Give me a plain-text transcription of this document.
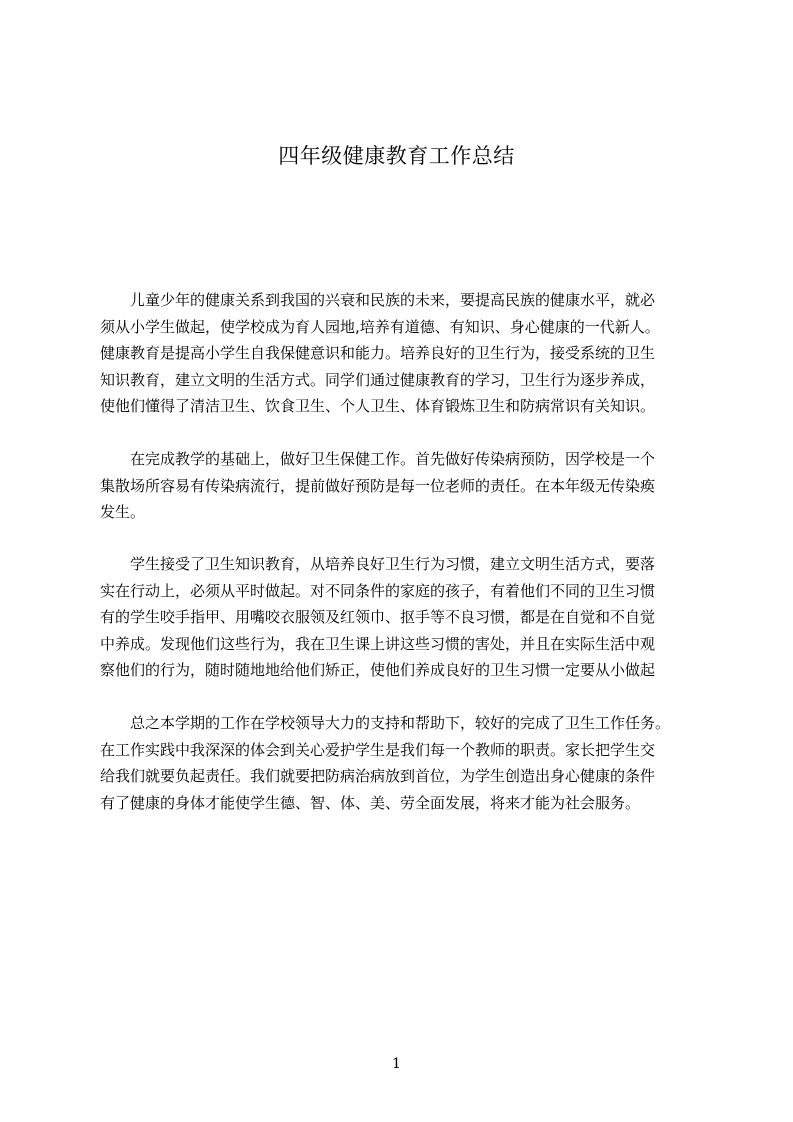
四年级健康教育工作总结
　　儿童少年的健康关系到我国的兴衰和民族的未来，要提高民族的健康水平，就必
须从小学生做起，使学校成为育人园地,培养有道德、有知识、身心健康的一代新人。
健康教育是提高小学生自我保健意识和能力。培养良好的卫生行为，接受系统的卫生
知识教育，建立文明的生活方式。同学们通过健康教育的学习，卫生行为逐步养成，
使他们懂得了清洁卫生、饮食卫生、个人卫生、体育锻炼卫生和防病常识有关知识。
　　在完成教学的基础上，做好卫生保健工作。首先做好传染病预防，因学校是一个
集散场所容易有传染病流行，提前做好预防是每一位老师的责任。在本年级无传染痪
发生。
　　学生接受了卫生知识教育，从培养良好卫生行为习惯，建立文明生活方式，要落
实在行动上，必须从平时做起。对不同条件的家庭的孩子，有着他们不同的卫生习惯
有的学生咬手指甲、用嘴咬衣服领及红领巾、抠手等不良习惯，都是在自觉和不自觉
中养成。发现他们这些行为，我在卫生课上讲这些习惯的害处，并且在实际生活中观
察他们的行为，随时随地地给他们矫正，使他们养成良好的卫生习惯一定要从小做起
　　总之本学期的工作在学校领导大力的支持和帮助下，较好的完成了卫生工作任务。
在工作实践中我深深的体会到关心爱护学生是我们每一个教师的职责。家长把学生交
给我们就要负起责任。我们就要把防病治病放到首位，为学生创造出身心健康的条件
有了健康的身体才能使学生德、智、体、美、劳全面发展，将来才能为社会服务。
1
